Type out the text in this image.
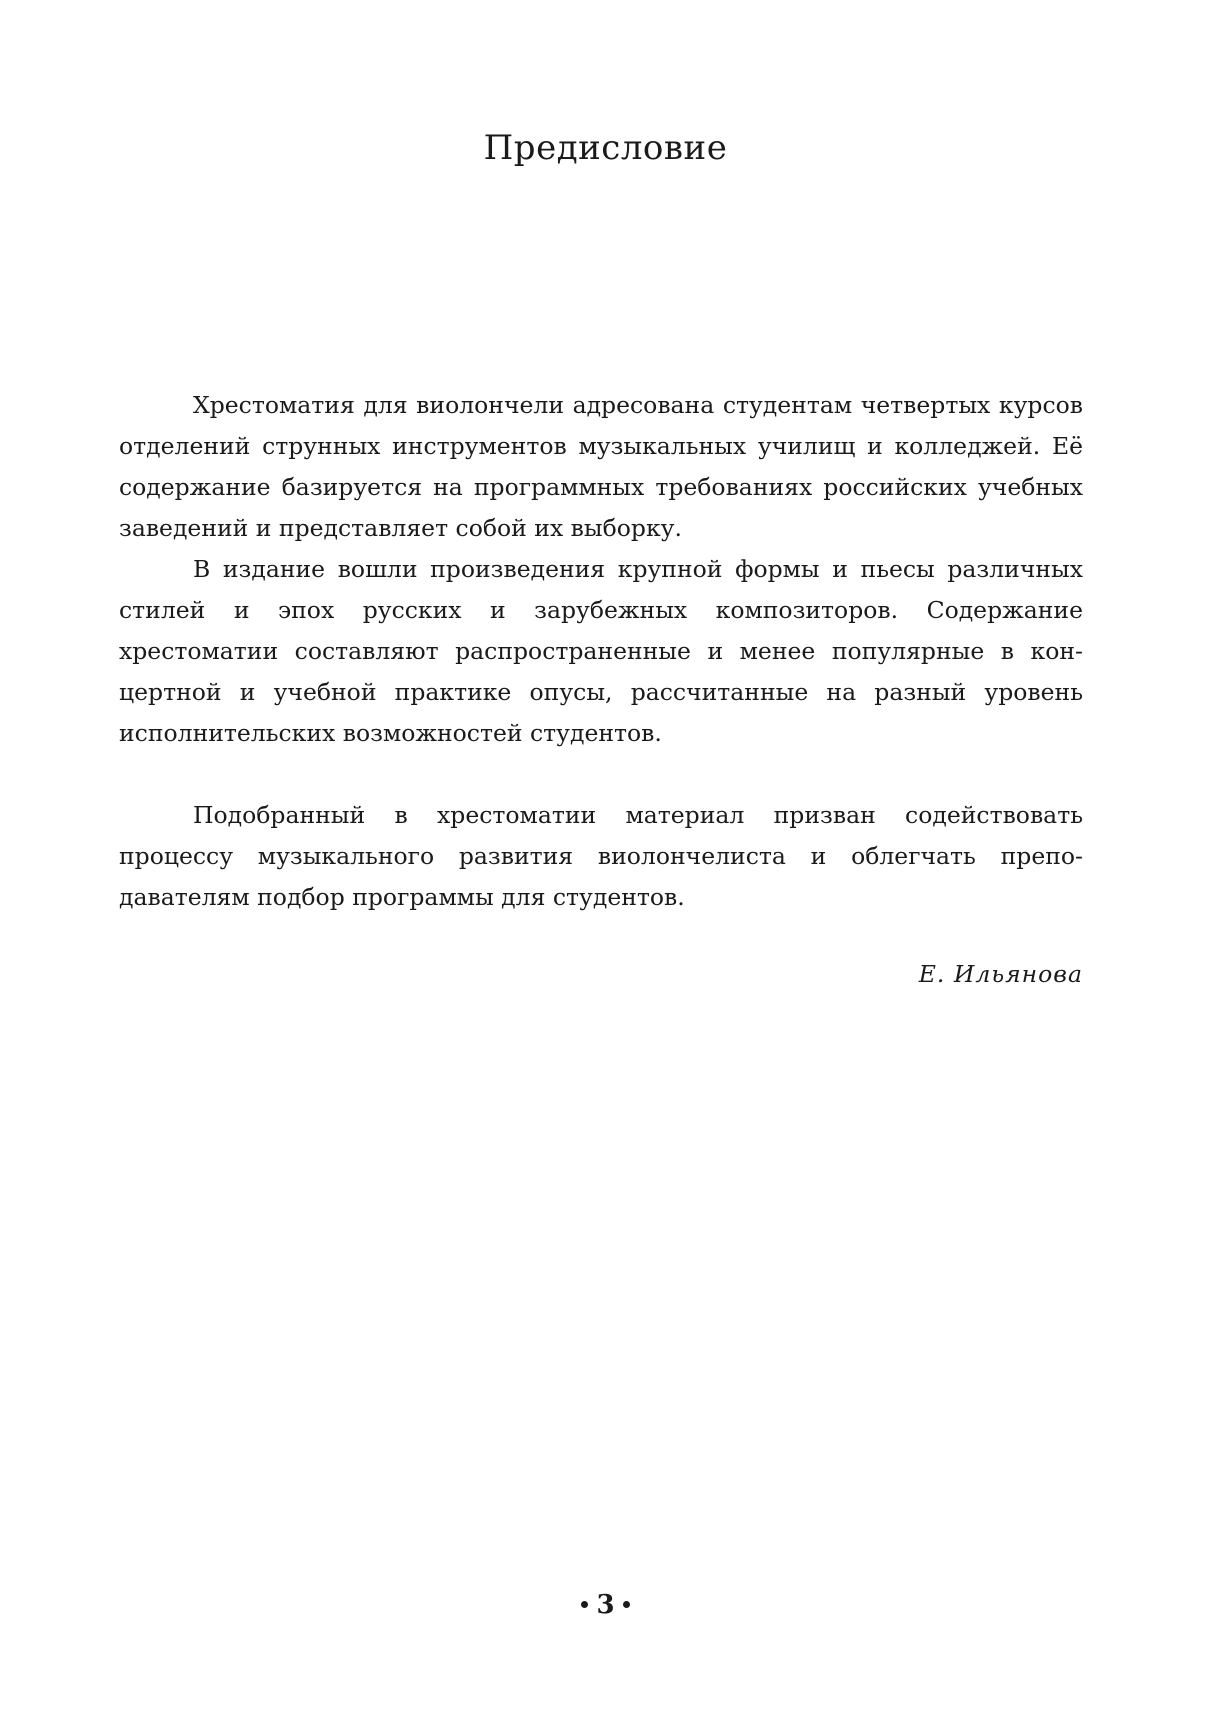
Предисловие

Хрестоматия для виолончели адресована студентам четвертых курсов отделений струнных инструментов музыкальных училищ и колледжей. Её содержание базируется на программных требованиях российских учебных заведений и представляет собой их выборку.

В издание вошли произведения крупной формы и пьесы различных стилей и эпох русских и зарубежных композиторов. Содержание хрестоматии составляют распространенные и менее популярные в концертной и учебной практике опусы, рассчитанные на разный уровень исполнительских возможностей студентов.

Подобранный в хрестоматии материал призван содействовать процессу музыкального развития виолончелиста и облегчать преподавателям подбор программы для студентов.

Е. Ильянова
3
